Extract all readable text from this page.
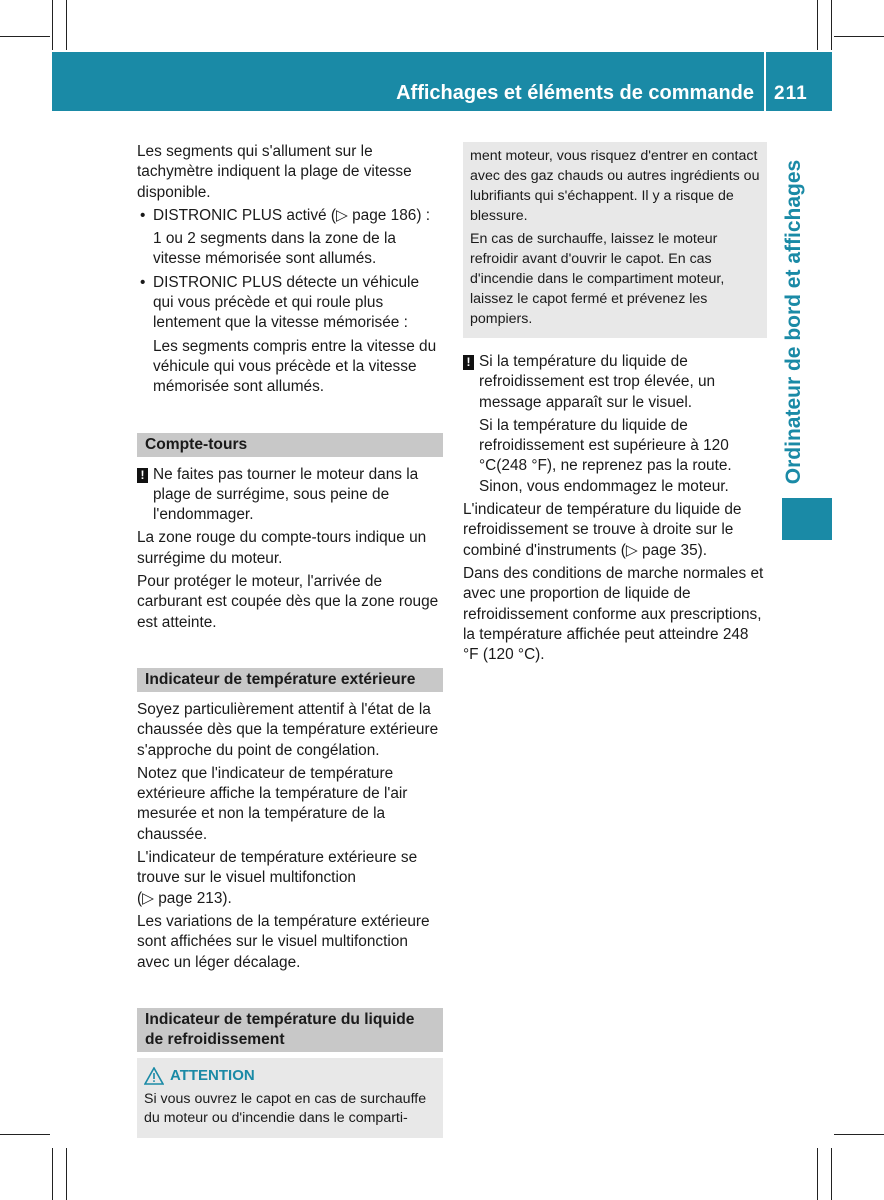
Affichages et éléments de commande 211
Ordinateur de bord et affichages

Les segments qui s'allument sur le tachymètre indiquent la plage de vitesse disponible.

• DISTRONIC PLUS activé (▷ page 186) :
1 ou 2 segments dans la zone de la vitesse mémorisée sont allumés.
• DISTRONIC PLUS détecte un véhicule qui vous précède et qui roule plus lentement que la vitesse mémorisée :
Les segments compris entre la vitesse du véhicule qui vous précède et la vitesse mémorisée sont allumés.
Compte-tours
! Ne faites pas tourner le moteur dans la plage de surrégime, sous peine de l'endommager.

La zone rouge du compte-tours indique un surrégime du moteur.

Pour protéger le moteur, l'arrivée de carburant est coupée dès que la zone rouge est atteinte.

Indicateur de température extérieure

Soyez particulièrement attentif à l'état de la chaussée dès que la température extérieure s'approche du point de congélation.

Notez que l'indicateur de température extérieure affiche la température de l'air mesurée et non la température de la chaussée.

L'indicateur de température extérieure se trouve sur le visuel multifonction

(▷ page 213).

Les variations de la température extérieure sont affichées sur le visuel multifonction avec un léger décalage.

Indicateur de température du liquide de refroidissement
ATTENTION

Si vous ouvrez le capot en cas de surchauffe du moteur ou d'incendie dans le comparti-

ment moteur, vous risquez d'entrer en contact avec des gaz chauds ou autres ingrédients ou lubrifiants qui s'échappent. Il y a risque de blessure.

En cas de surchauffe, laissez le moteur refroidir avant d'ouvrir le capot. En cas d'incendie dans le compartiment moteur, laissez le capot fermé et prévenez les pompiers.

! Si la température du liquide de refroidissement est trop élevée, un message apparaît sur le visuel.
Si la température du liquide de refroidissement est supérieure à 120 °C(248 °F), ne reprenez pas la route. Sinon, vous endommagez le moteur.

L'indicateur de température du liquide de refroidissement se trouve à droite sur le combiné d'instruments (▷ page 35).

Dans des conditions de marche normales et avec une proportion de liquide de refroidissement conforme aux prescriptions, la température affichée peut atteindre 248 °F (120 °C).
